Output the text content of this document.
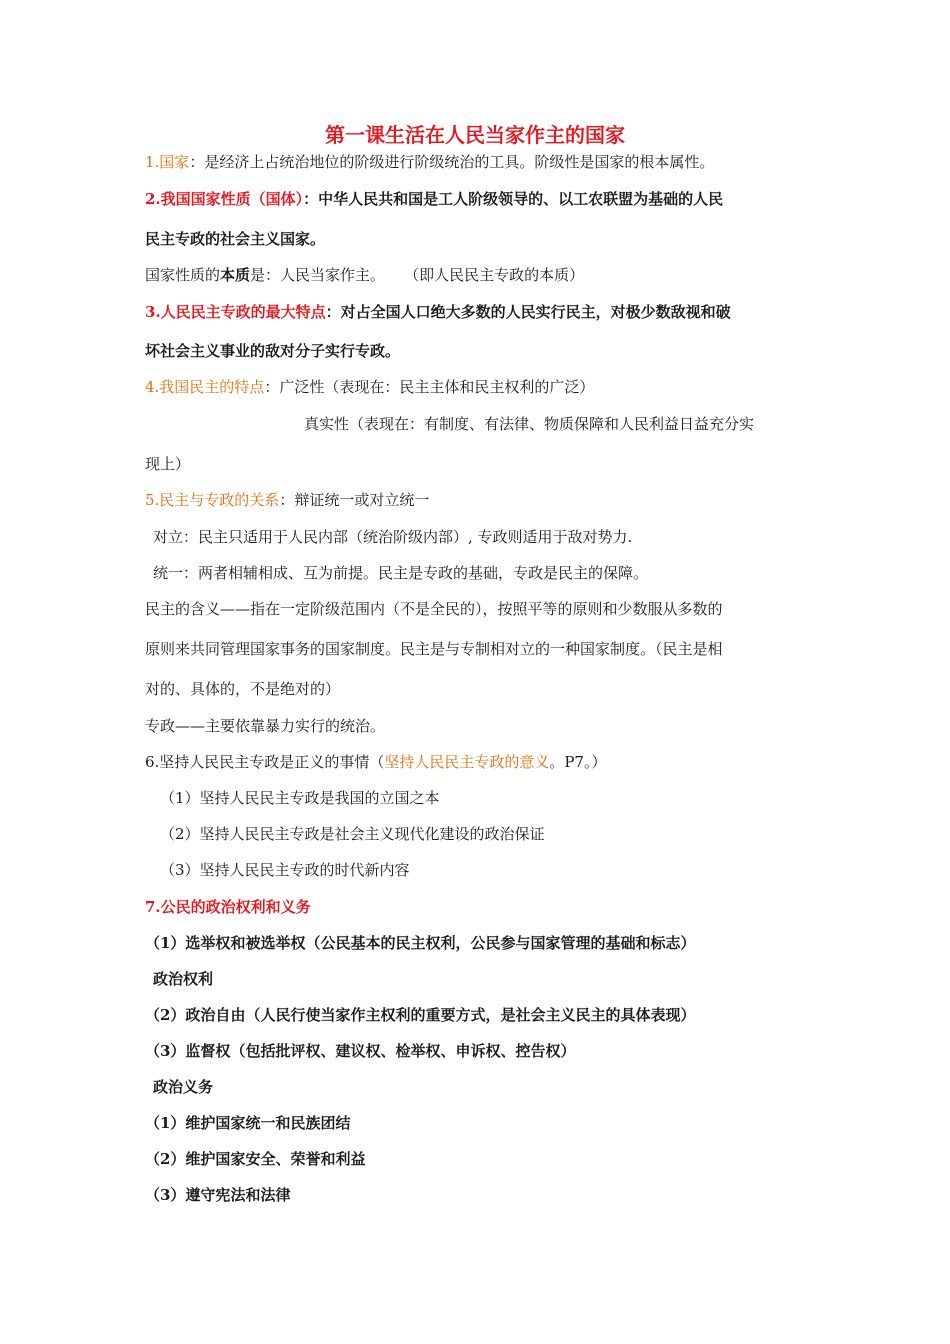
第一课生活在人民当家作主的国家
1.国家：是经济上占统治地位的阶级进行阶级统治的工具。阶级性是国家的根本属性。
2.我国国家性质（国体）：中华人民共和国是工人阶级领导的、以工农联盟为基础的人民
民主专政的社会主义国家。
国家性质的本质是：人民当家作主。    （即人民民主专政的本质）
3.人民民主专政的最大特点：对占全国人口绝大多数的人民实行民主，对极少数敌视和破
坏社会主义事业的敌对分子实行专政。
4.我国民主的特点：广泛性（表现在：民主主体和民主权利的广泛）
真实性（表现在：有制度、有法律、物质保障和人民利益日益充分实
现上）
5.民主与专政的关系：辩证统一或对立统一
对立：民主只适用于人民内部（统治阶级内部）, 专政则适用于敌对势力.
统一：两者相辅相成、互为前提。民主是专政的基础，专政是民主的保障。
民主的含义——指在一定阶级范围内（不是全民的），按照平等的原则和少数服从多数的
原则来共同管理国家事务的国家制度。民主是与专制相对立的一种国家制度。（民主是相
对的、具体的，不是绝对的）
专政——主要依靠暴力实行的统治。
6.坚持人民民主专政是正义的事情（坚持人民民主专政的意义。P7。）
（1）坚持人民民主专政是我国的立国之本
（2）坚持人民民主专政是社会主义现代化建设的政治保证
（3）坚持人民民主专政的时代新内容
7.公民的政治权利和义务
（1）选举权和被选举权（公民基本的民主权利，公民参与国家管理的基础和标志）
政治权利
（2）政治自由（人民行使当家作主权利的重要方式，是社会主义民主的具体表现）
（3）监督权（包括批评权、建议权、检举权、申诉权、控告权）
政治义务
（1）维护国家统一和民族团结
（2）维护国家安全、荣誉和利益
（3）遵守宪法和法律
